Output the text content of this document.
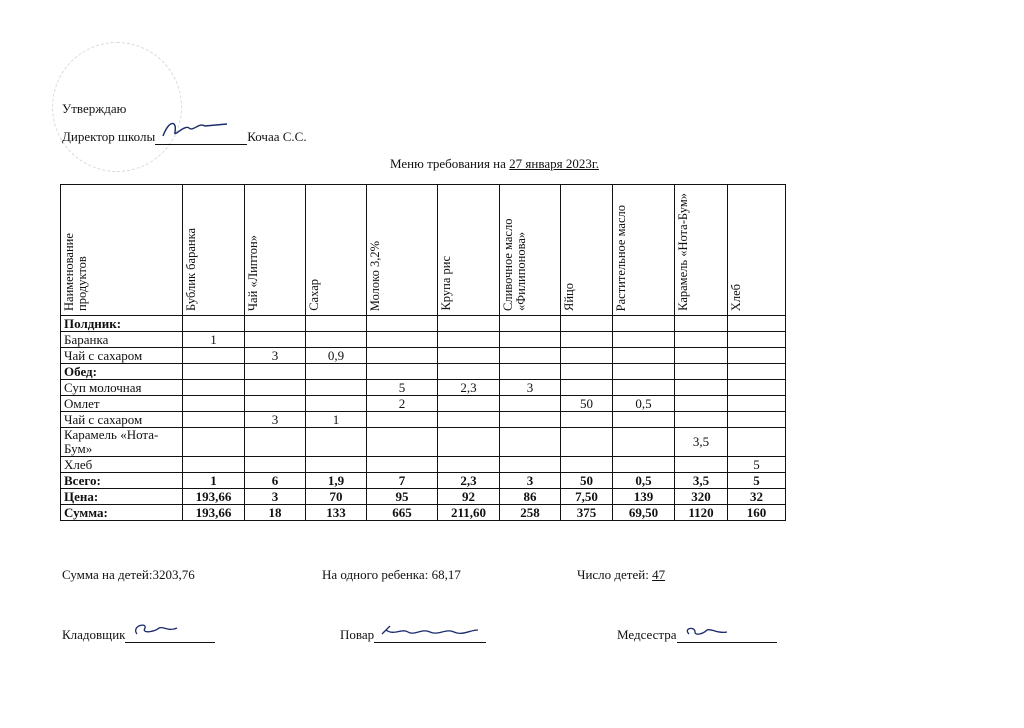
Утверждаю
Директор школы	Кочаа С.С.
Меню требования на 27 января 2023г.
Наименование продуктов	Бублик баранка	Чай «Липтон»	Сахар	Молоко 3,2%	Крупа рис	Сливочное масло «Филипонова»	Яйцо	Растительное масло	Карамель «Нота-Бум»	Хлеб

Полдник:										
Баранка	1									
Чай с сахаром		3	0,9							
Обед:										
Суп молочная				5	2,3	3				
Омлет				2			50	0,5		
Чай с сахаром		3	1							
Карамель «Нота-Бум»									3,5	
Хлеб										5
Всего:	1	6	1,9	7	2,3	3	50	0,5	3,5	5
Цена:	193,66	3	70	95	92	86	7,50	139	320	32
Сумма:	193,66	18	133	665	211,60	258	375	69,50	1120	160
Сумма на детей:3203,76	На одного ребенка: 68,17	Число детей: 47
Кладовщик	Повар	Медсестра
